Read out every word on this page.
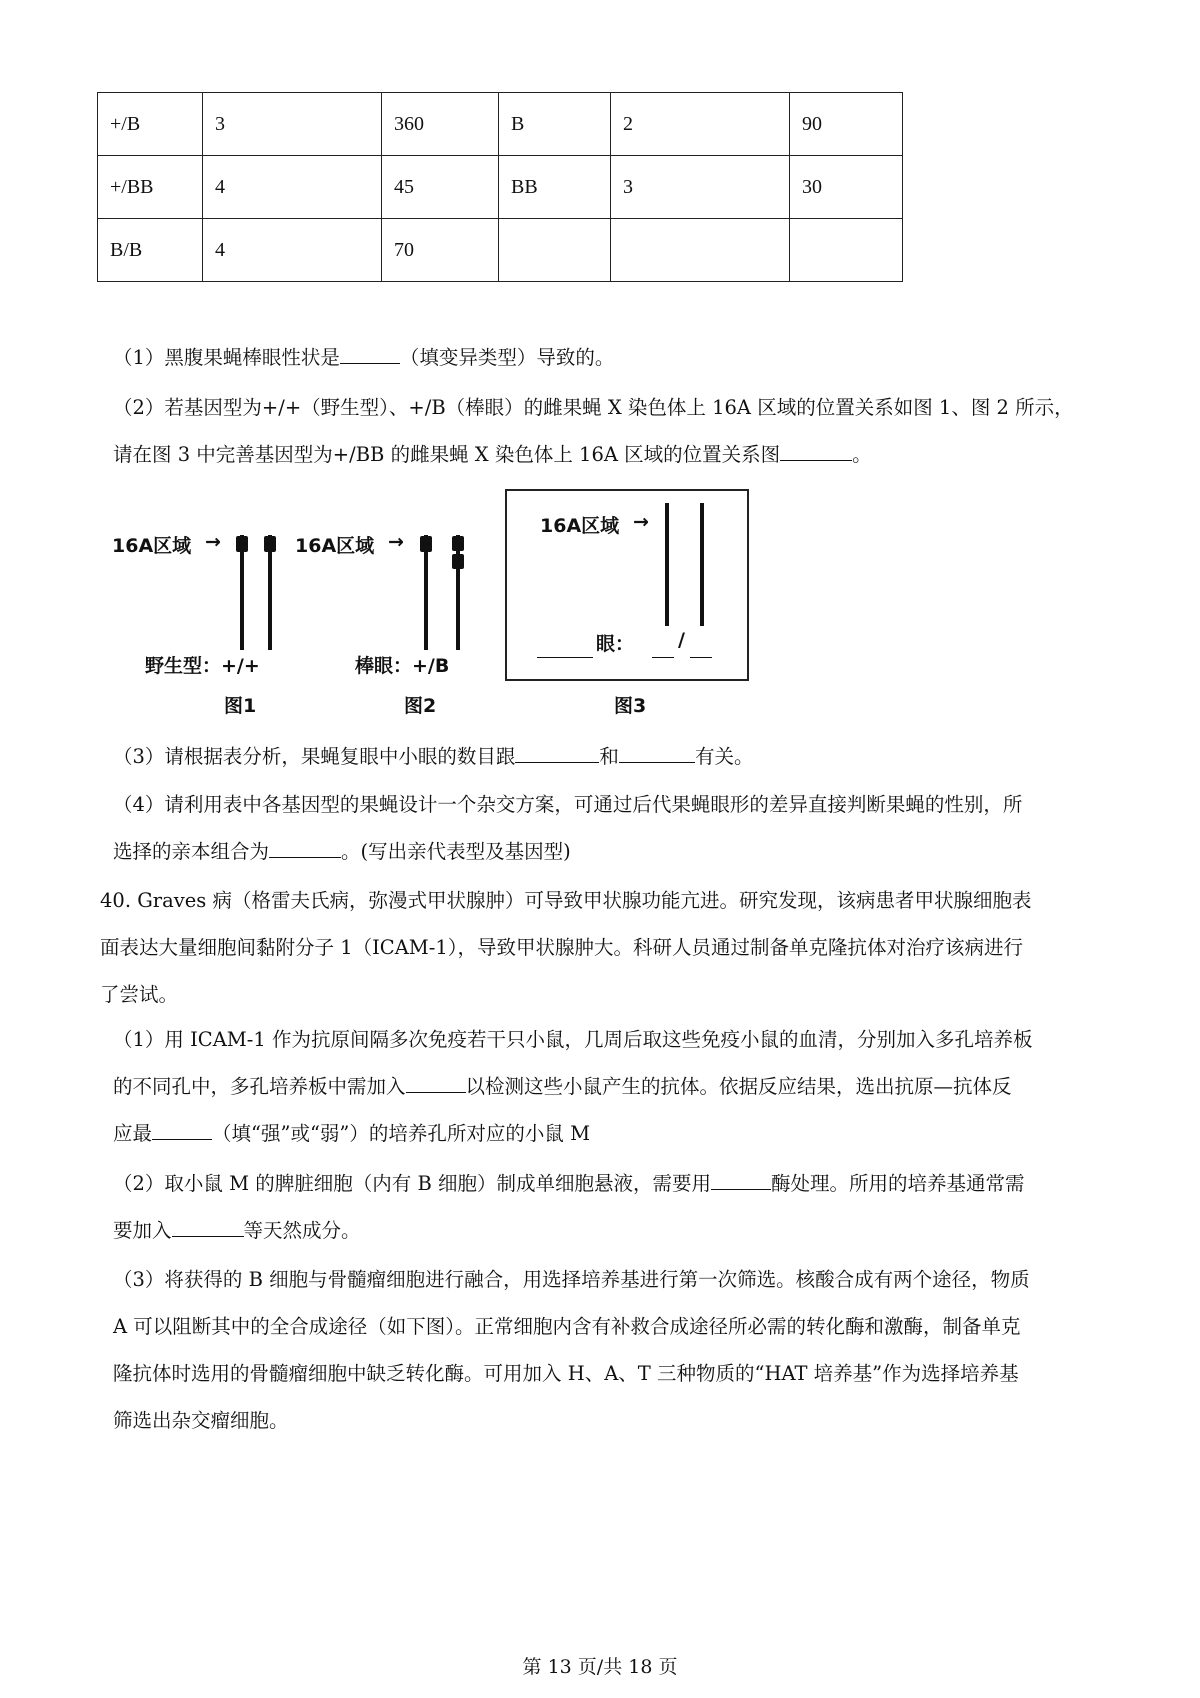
+/B	3	360	B	2	90
+/BB	4	45	BB	3	30
B/B	4	70			

（1）黑腹果蝇棒眼性状是	（填变异类型）导致的。

（2）若基因型为+/+（野生型）、+/B（棒眼）的雌果蝇 X 染色体上 16A 区域的位置关系如图 1、图 2 所示，
请在图 3 中完善基因型为+/BB 的雌果蝇 X 染色体上 16A 区域的位置关系图	。

16A区域 →
野生型：+/+
图1
16A区域 →
棒眼：+/B
图2
16A区域 →
眼： /
图3

（3）请根据表分析，果蝇复眼中小眼的数目跟	和	有关。

（4）请利用表中各基因型的果蝇设计一个杂交方案，可通过后代果蝇眼形的差异直接判断果蝇的性别，所
选择的亲本组合为	。(写出亲代表型及基因型)

40. Graves 病（格雷夫氏病，弥漫式甲状腺肿）可导致甲状腺功能亢进。研究发现，该病患者甲状腺细胞表
面表达大量细胞间黏附分子 1（ICAM-1），导致甲状腺肿大。科研人员通过制备单克隆抗体对治疗该病进行
了尝试。

（1）用 ICAM-1 作为抗原间隔多次免疫若干只小鼠，几周后取这些免疫小鼠的血清，分别加入多孔培养板
的不同孔中，多孔培养板中需加入	以检测这些小鼠产生的抗体。依据反应结果，选出抗原—抗体反
应最	（填“强”或“弱”）的培养孔所对应的小鼠 M

（2）取小鼠 M 的脾脏细胞（内有 B 细胞）制成单细胞悬液，需要用	酶处理。所用的培养基通常需
要加入	等天然成分。

（3）将获得的 B 细胞与骨髓瘤细胞进行融合，用选择培养基进行第一次筛选。核酸合成有两个途径，物质
A 可以阻断其中的全合成途径（如下图）。正常细胞内含有补救合成途径所必需的转化酶和激酶，制备单克
隆抗体时选用的骨髓瘤细胞中缺乏转化酶。可用加入 H、A、T 三种物质的“HAT 培养基”作为选择培养基
筛选出杂交瘤细胞。

第 13 页/共 18 页
